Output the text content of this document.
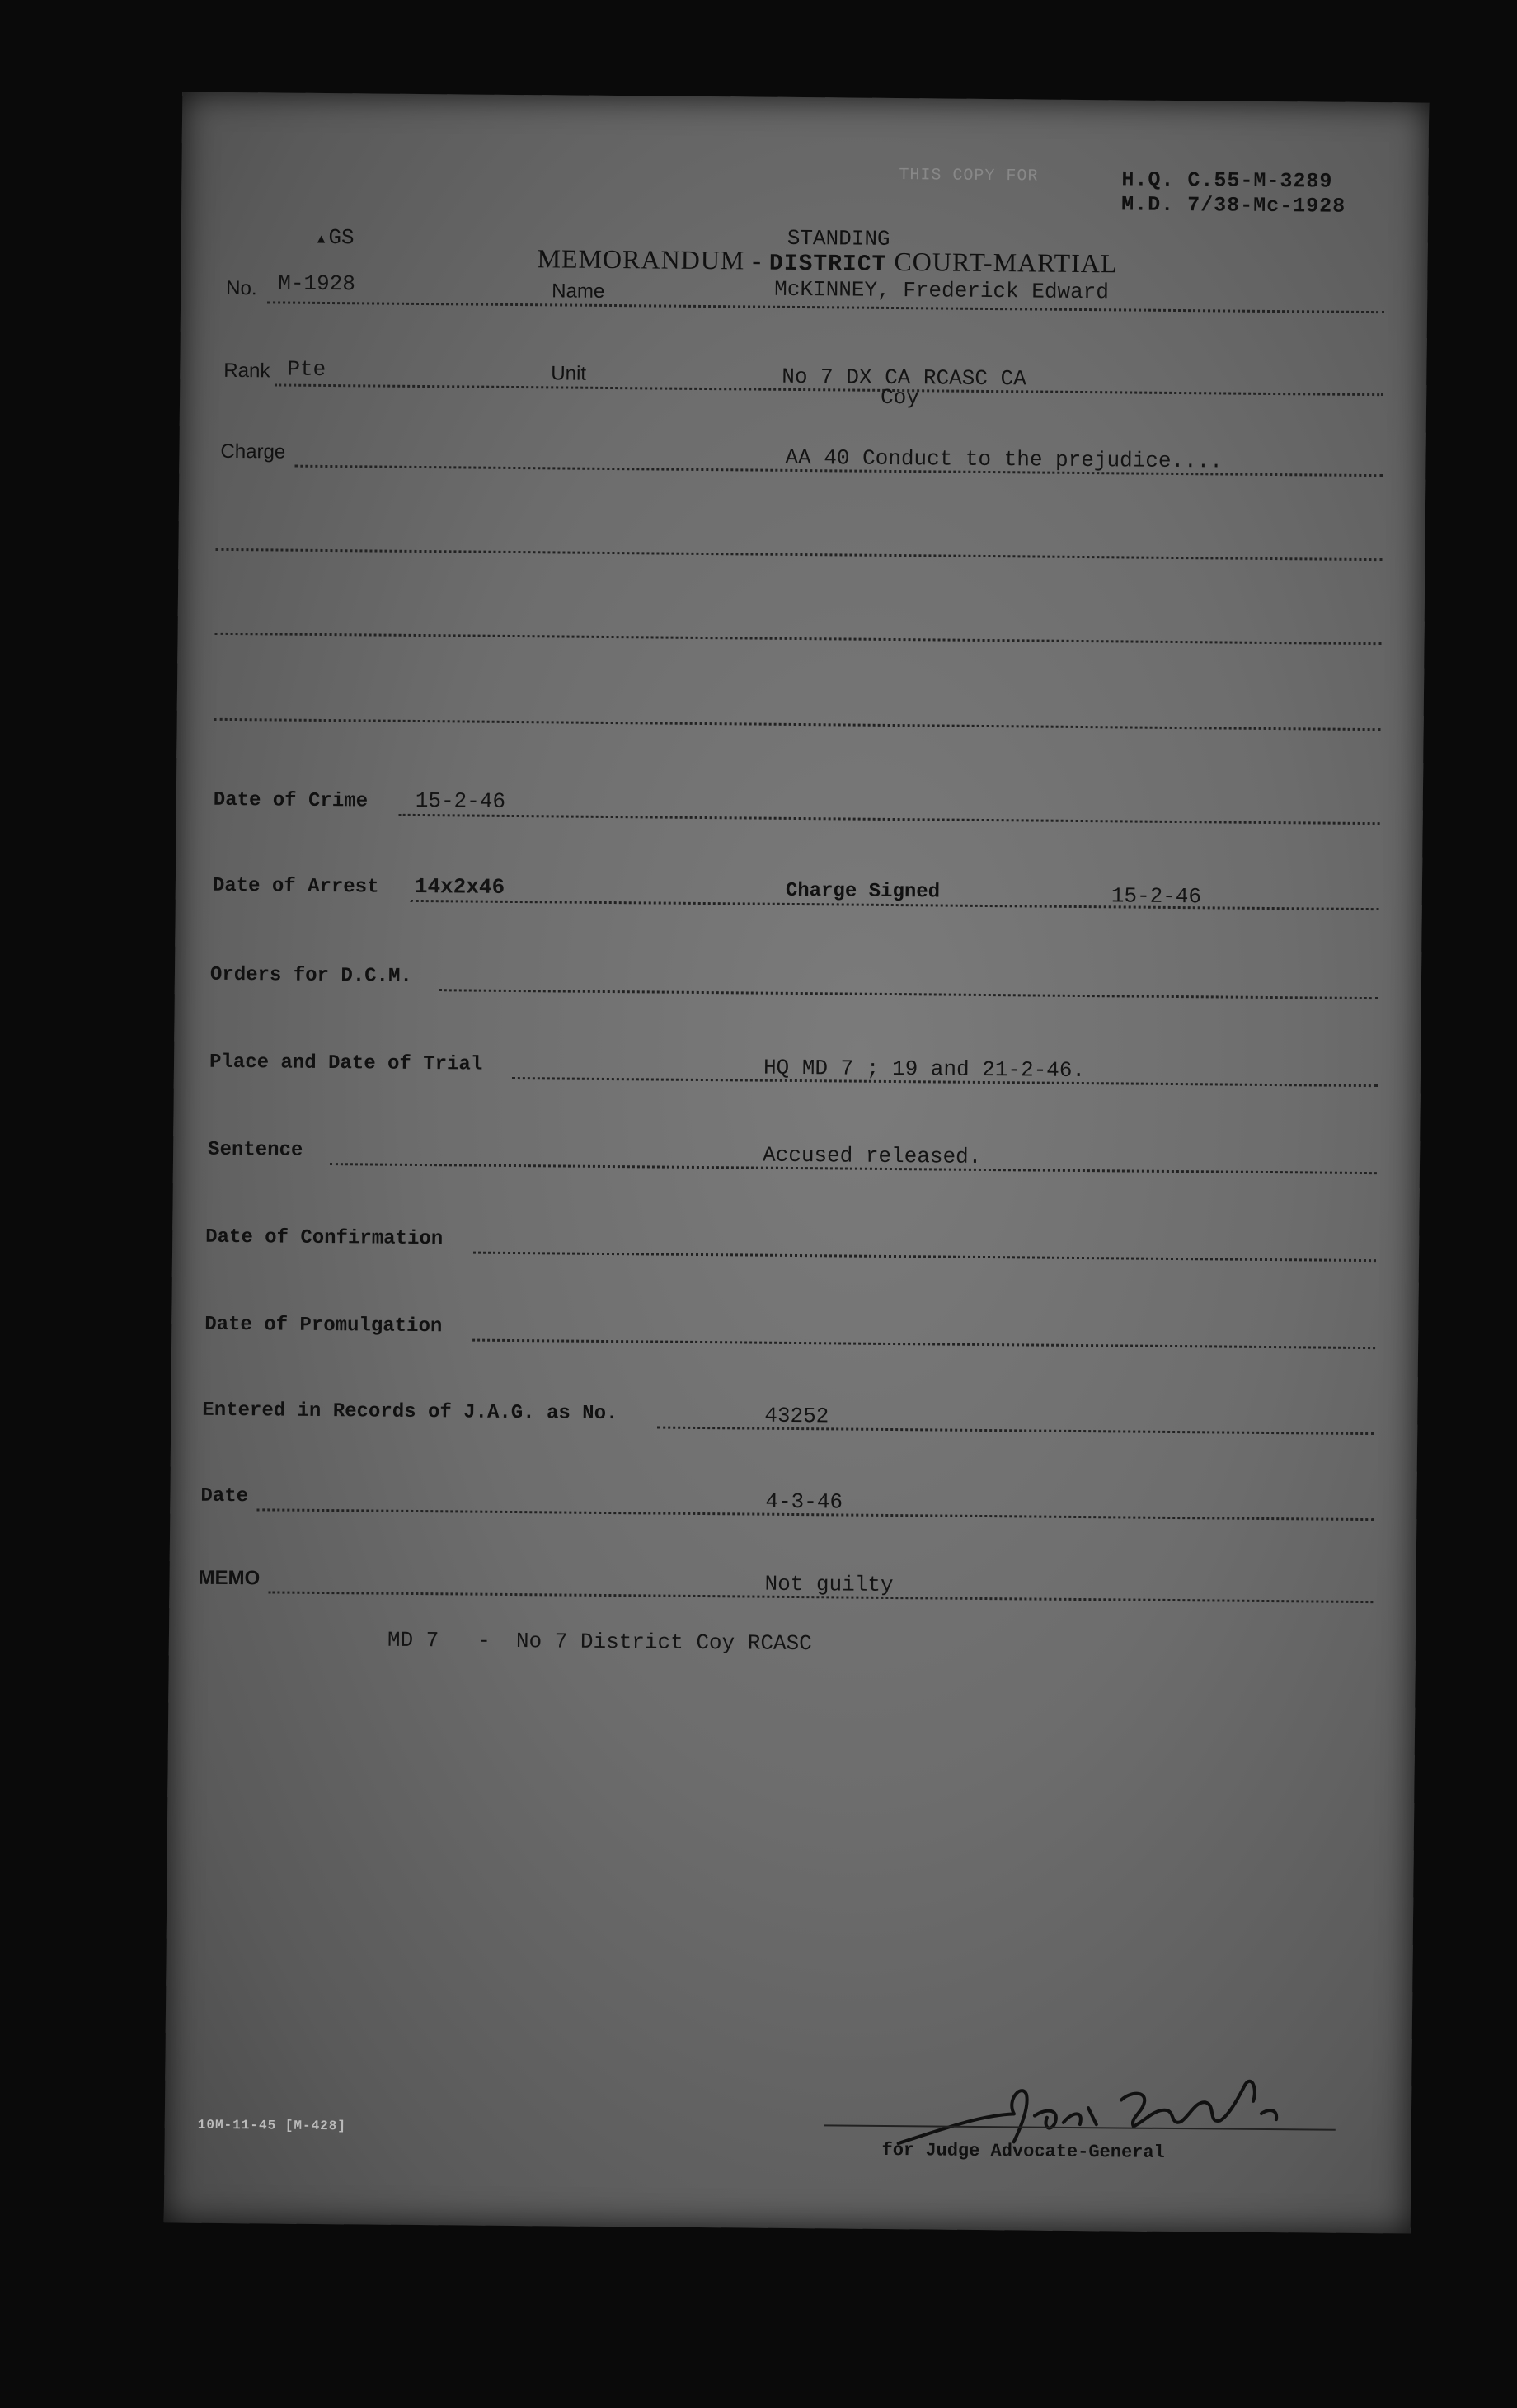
THIS COPY FOR	H.Q. C.55-M-3289
M.D. 7/38-Mc-1928
▲ GS	STANDING
MEMORANDUM - DISTRICT COURT-MARTIAL
No. M-1928	Name	McKINNEY, Frederick Edward
Rank Pte	Unit	No 7 DX CA RCASC CA
Coy
Charge	AA 40 Conduct to the prejudice....
Date of Crime 15-2-46
Date of Arrest 14x2x46	Charge Signed	15-2-46
Orders for D.C.M.
Place and Date of Trial	HQ MD 7 ; 19 and 21-2-46.
Sentence	Accused released.
Date of Confirmation
Date of Promulgation
Entered in Records of J.A.G. as No.	43252
Date	4-3-46
MEMO	Not guilty
MD 7   -  No 7 District Coy RCASC
for Judge Advocate-General
10M-11-45 [M-428]
